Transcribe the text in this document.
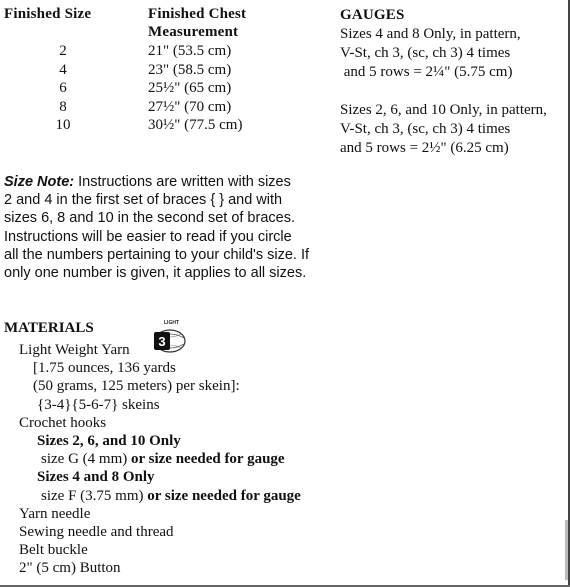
Finished Size	Finished Chest
Measurement
2
4
6
8
10
21" (53.5 cm)
23" (58.5 cm)
25½" (65 cm)
27½" (70 cm)
30½" (77.5 cm)
GAUGES
Sizes 4 and 8 Only, in pattern,
V-St, ch 3, (sc, ch 3) 4 times
and 5 rows = 2¼" (5.75 cm)
Sizes 2, 6, and 10 Only, in pattern,
V-St, ch 3, (sc, ch 3) 4 times
and 5 rows = 2½" (6.25 cm)
Size Note: Instructions are written with sizes
2 and 4 in the first set of braces { } and with
sizes 6, 8 and 10 in the second set of braces.
Instructions will be easier to read if you circle
all the numbers pertaining to your child's size. If
only one number is given, it applies to all sizes.
MATERIALS	LIGHT
3
Light Weight Yarn
[1.75 ounces, 136 yards
(50 grams, 125 meters) per skein]:
{3-4}{5-6-7} skeins
Crochet hooks
Sizes 2, 6, and 10 Only
size G (4 mm) or size needed for gauge
Sizes 4 and 8 Only
size F (3.75 mm) or size needed for gauge
Yarn needle
Sewing needle and thread
Belt buckle
2" (5 cm) Button
